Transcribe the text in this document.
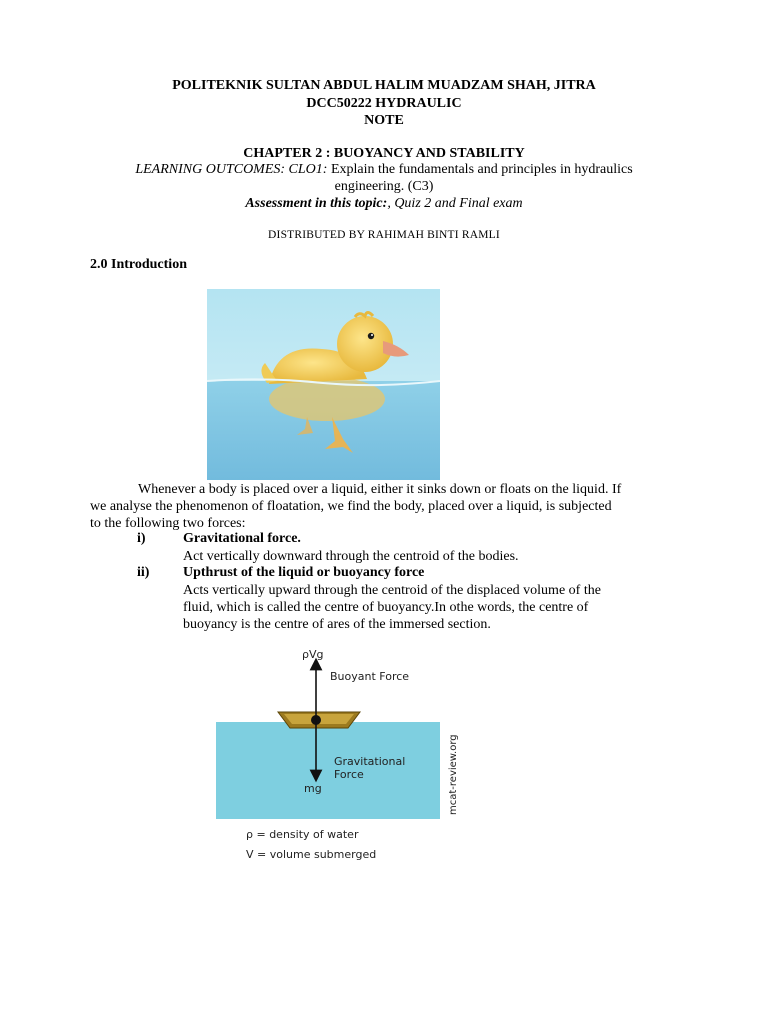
POLITEKNIK SULTAN ABDUL HALIM MUADZAM SHAH, JITRA
DCC50222 HYDRAULIC
NOTE
CHAPTER 2 : BUOYANCY AND STABILITY
LEARNING OUTCOMES: CLO1: Explain the fundamentals and principles in hydraulics
engineering. (C3)
Assessment in this topic:, Quiz 2 and Final exam
DISTRIBUTED BY RAHIMAH BINTI RAMLI
2.0 Introduction
Whenever a body is placed over a liquid, either it sinks down or floats on the liquid. If
we analyse the phenomenon of floatation, we find the body, placed over a liquid, is subjected
to the following two forces:
i)	Gravitational force.
Act vertically downward through the centroid of the bodies.
ii) Upthrust of the liquid or buoyancy force
Acts vertically upward through the centroid of the displaced volume of the
fluid, which is called the centre of buoyancy.In othe words, the centre of
buoyancy is the centre of ares of the immersed section.
ρVg
Buoyant Force
Gravitational
Force
mg	mcat-review.org
ρ = density of water
V = volume submerged
